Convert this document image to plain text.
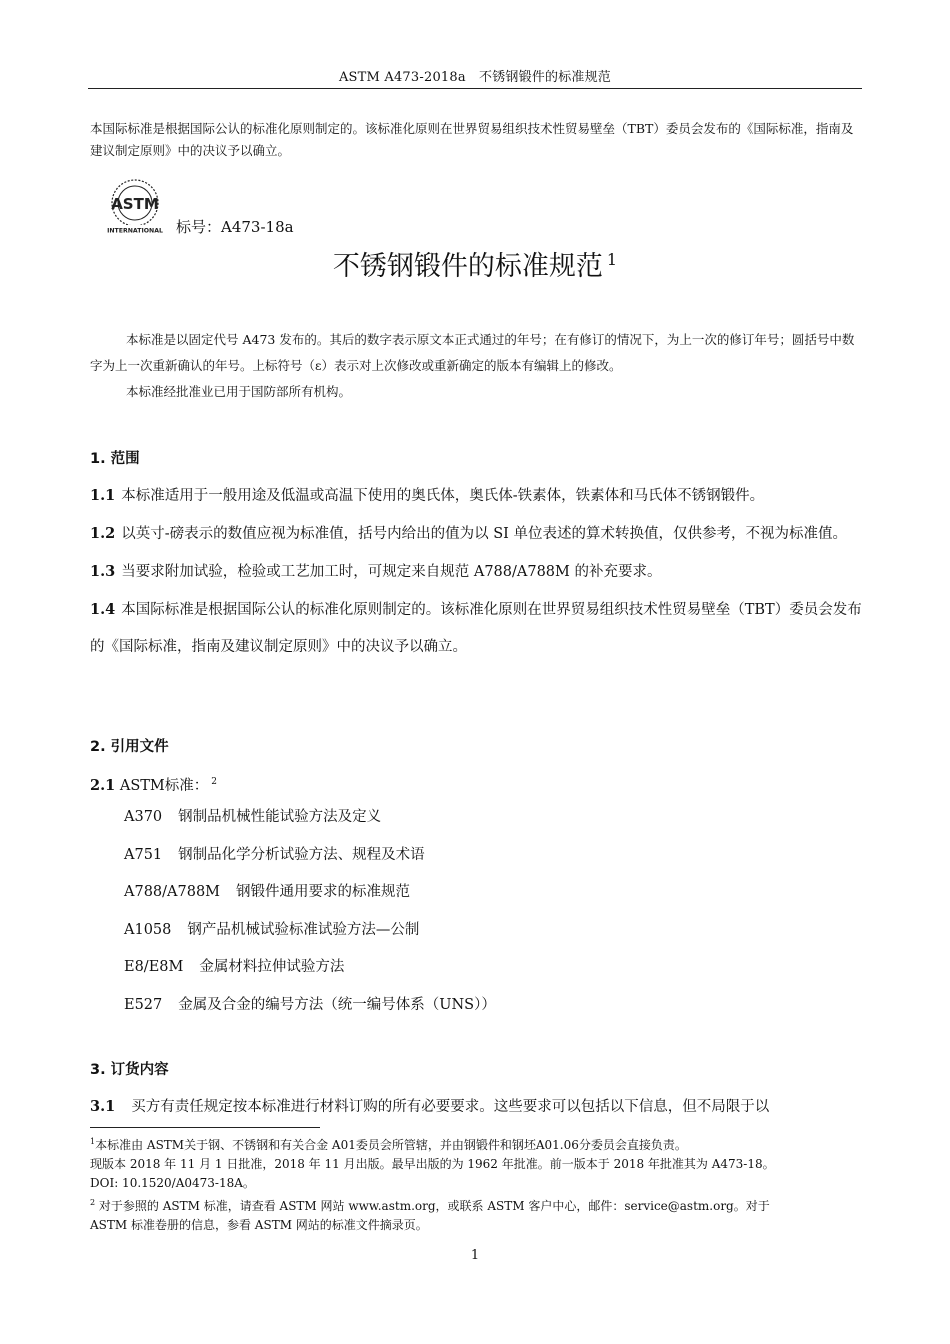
ASTM A473-2018a　不锈钢锻件的标准规范
本国际标准是根据国际公认的标准化原则制定的。该标准化原则在世界贸易组织技术性贸易壁垒（TBT）委员会发布的《国际标准，指南及建议制定原则》中的决议予以确立。
ASTM
INTERNATIONAL 标号：A473-18a
不锈钢锻件的标准规范 $^1$

本标准是以固定代号 A473 发布的。其后的数字表示原文本正式通过的年号；在有修订的情况下，为上一次的修订年号；圆括号中数字为上一次重新确认的年号。上标符号（ε）表示对上次修改或重新确定的版本有编辑上的修改。

本标准经批准业已用于国防部所有机构。

1. 范围

1.1 本标准适用于一般用途及低温或高温下使用的奥氏体，奥氏体-铁素体，铁素体和马氏体不锈钢锻件。

1.2 以英寸-磅表示的数值应视为标准值，括号内给出的值为以 SI 单位表述的算术转换值，仅供参考，不视为标准值。

1.3 当要求附加试验，检验或工艺加工时，可规定来自规范 A788/A788M 的补充要求。

1.4 本国际标准是根据国际公认的标准化原则制定的。该标准化原则在世界贸易组织技术性贸易壁垒（TBT）委员会发布的《国际标准，指南及建议制定原则》中的决议予以确立。

2. 引用文件

2.1 ASTM标准： $^2$

A370 钢制品机械性能试验方法及定义
A751 钢制品化学分析试验方法、规程及术语
A788/A788M 钢锻件通用要求的标准规范
A1058 钢产品机械试验标准试验方法—公制
E8/E8M 金属材料拉伸试验方法
E527 金属及合金的编号方法（统一编号体系（UNS））
3. 订货内容

3.1 买方有责任规定按本标准进行材料订购的所有必要要求。这些要求可以包括以下信息，但不局限于以

$^1$本标准由 ASTM关于钢、不锈钢和有关合金 A01委员会所管辖，并由钢锻件和钢坯A01.06分委员会直接负责。

现版本 2018 年 11 月 1 日批准，2018 年 11 月出版。最早出版的为 1962 年批准。前一版本于 2018 年批准其为 A473-18。

DOI: 10.1520/A0473-18A。

$^2$ 对于参照的 ASTM 标准，请查看 ASTM 网站 www.astm.org，或联系 ASTM 客户中心，邮件：service@astm.org。对于

ASTM 标准卷册的信息，参看 ASTM 网站的标准文件摘录页。

1
